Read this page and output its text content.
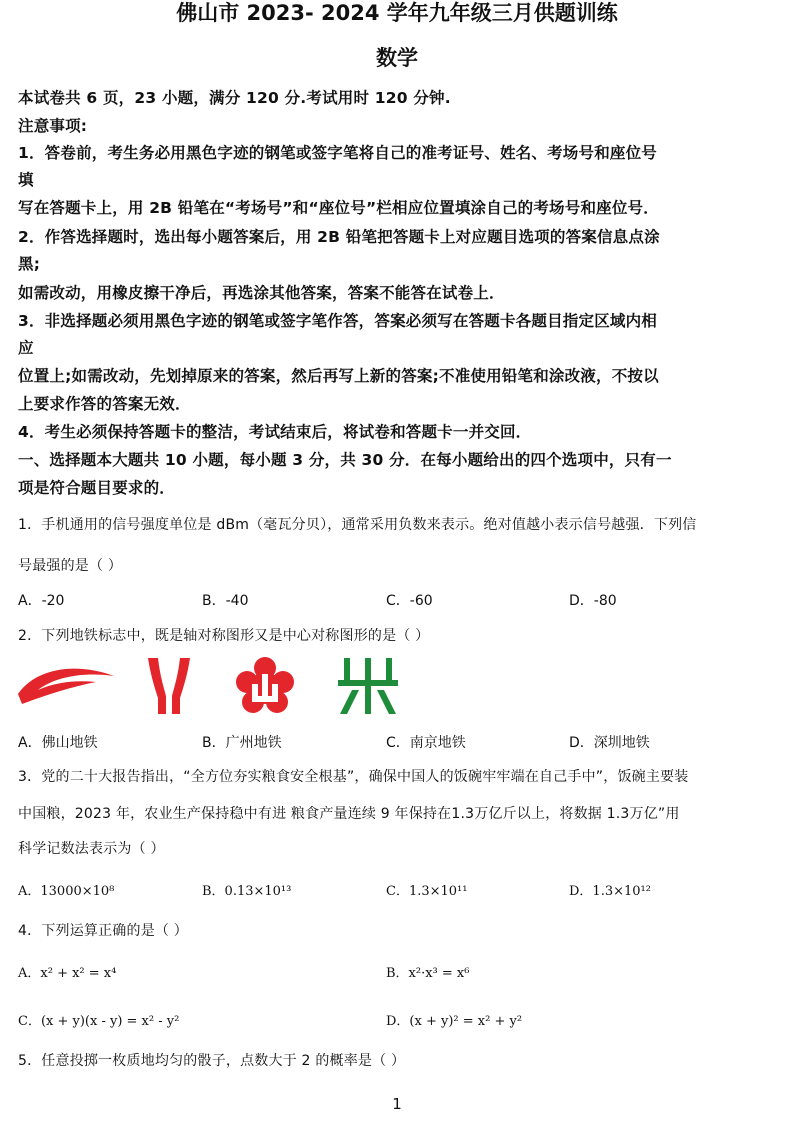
佛山市 2023- 2024 学年九年级三月供题训练
数学
本试卷共 6 页，23 小题，满分 120 分.考试用时 120 分钟.
注意事项:
1．答卷前，考生务必用黑色字迹的钢笔或签字笔将自己的准考证号、姓名、考场号和座位号
填
写在答题卡上，用 2B 铅笔在“考场号”和“座位号”栏相应位置填涂自己的考场号和座位号．
2．作答选择题时，选出每小题答案后，用 2B 铅笔把答题卡上对应题目选项的答案信息点涂
黑;
如需改动，用橡皮擦干净后，再选涂其他答案，答案不能答在试卷上．
3．非选择题必须用黑色字迹的钢笔或签字笔作答，答案必须写在答题卡各题目指定区域内相
应
位置上;如需改动，先划掉原来的答案，然后再写上新的答案;不准使用铅笔和涂改液，不按以
上要求作答的答案无效．
4．考生必须保持答题卡的整洁，考试结束后，将试卷和答题卡一并交回．
一、选择题本大题共 10 小题，每小题 3 分，共 30 分．在每小题给出的四个选项中，只有一
项是符合题目要求的．
1．手机通用的信号强度单位是 dBm（毫瓦分贝），通常采用负数来表示。绝对值越小表示信号越强．下列信
号最强的是（ ）
A．-20	B．-40	C．-60	D．-80
2．下列地铁标志中，既是轴对称图形又是中心对称图形的是（ ）
A．佛山地铁	B．广州地铁	C．南京地铁	D．深圳地铁
3．党的二十大报告指出，“全方位夯实粮食安全根基”，确保中国人的饭碗牢牢端在自己手中”，饭碗主要装
中国粮，2023 年，农业生产保持稳中有进 粮食产量连续 9 年保持在1.3万亿斤以上，将数据 1.3万亿”用
科学记数法表示为（ ）
A．13000×10⁸	B．0.13×10¹³	C．1.3×10¹¹	D．1.3×10¹²
4．下列运算正确的是（ ）
A．x² + x² = x⁴	B．x²·x³ = x⁶
C．(x + y)(x - y) = x² - y²	D．(x + y)² = x² + y²
5．任意投掷一枚质地均匀的骰子，点数大于 2 的概率是（ ）
1
